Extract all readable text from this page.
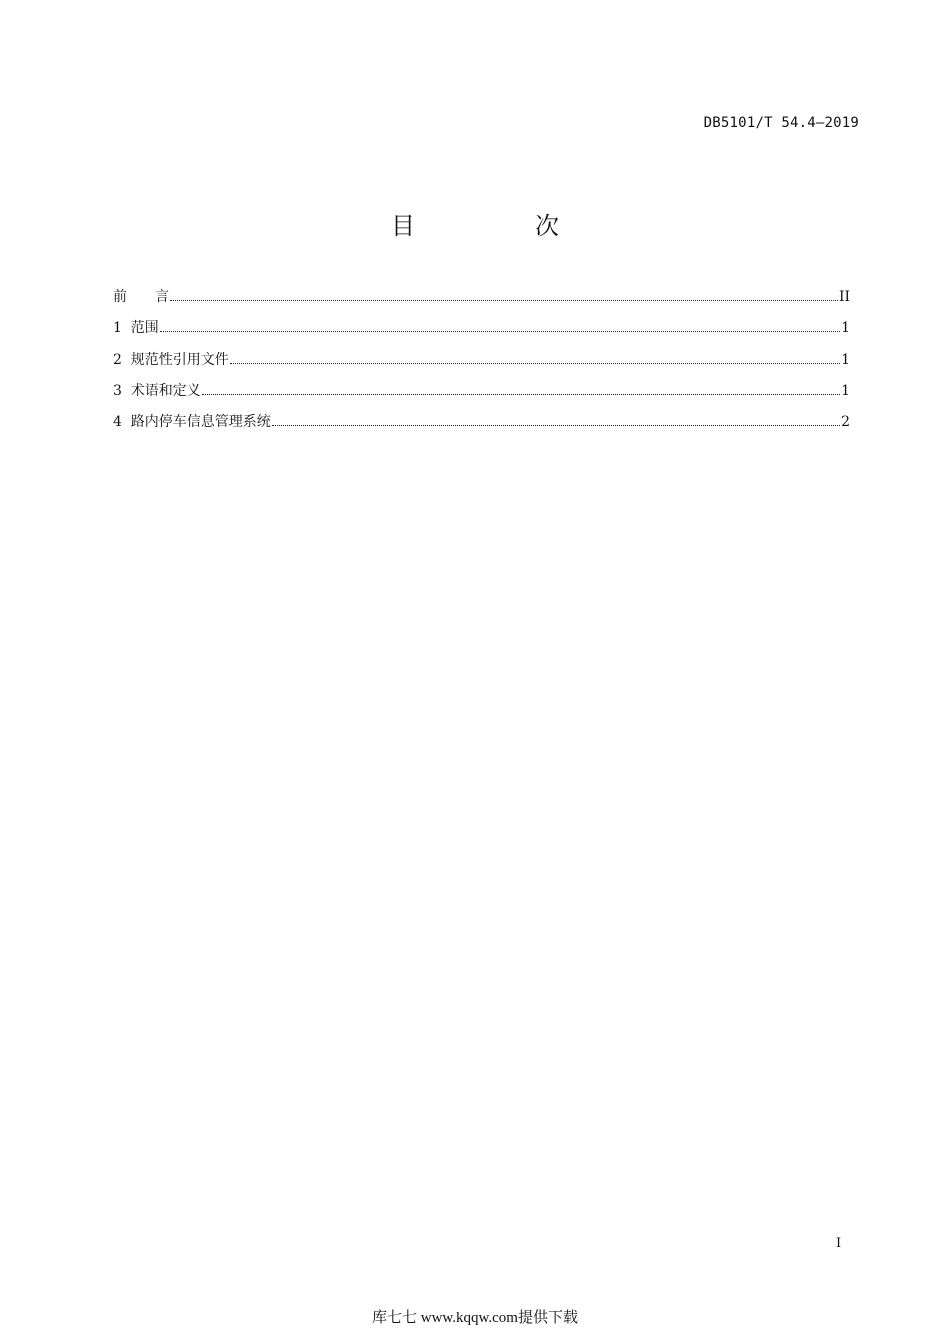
DB5101/T 54.4—2019
目　次
前　　言	II
1  范围	1
2  规范性引用文件	1
3  术语和定义	1
4  路内停车信息管理系统	2
I
库七七 www.kqqw.com提供下载
